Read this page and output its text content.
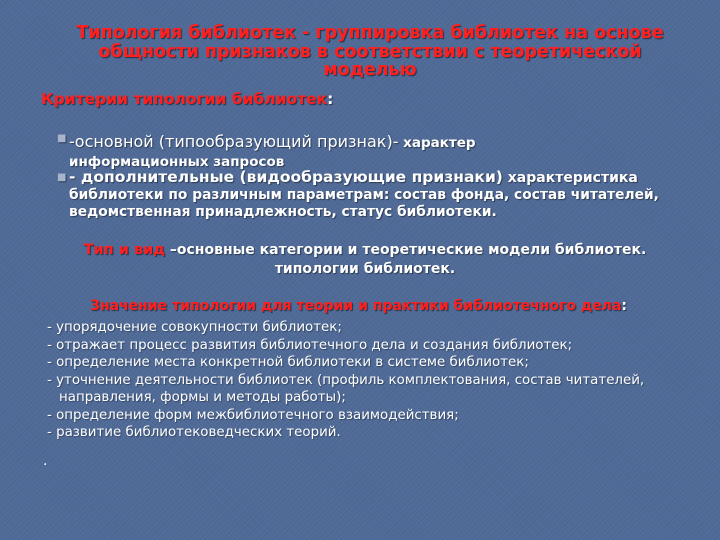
Типология библиотек - группировка библиотек на основе
общности признаков в соответствии с теоретической
моделью
Критерии типологии библиотек:
■ -основной (типообразующий признак)- характер
информационных запросов
■ - дополнительные (видообразующие признаки) характеристика
библиотеки по различным параметрам: состав фонда, состав читателей, ведомственная принадлежность, статус библиотеки.
Тип и вид –основные категории и теоретические модели библиотек.
типологии библиотек.
Значение типологии для теории и практики библиотечного дела:
- упорядочение совокупности библиотек;
- отражает процесс развития библиотечного дела и создания библиотек;
- определение места конкретной библиотеки в системе библиотек;
- уточнение деятельности библиотек (профиль комплектования, состав читателей, направления, формы и методы работы);
- определение форм межбиблиотечного взаимодействия;
- развитие библиотековедческих теорий.
.
